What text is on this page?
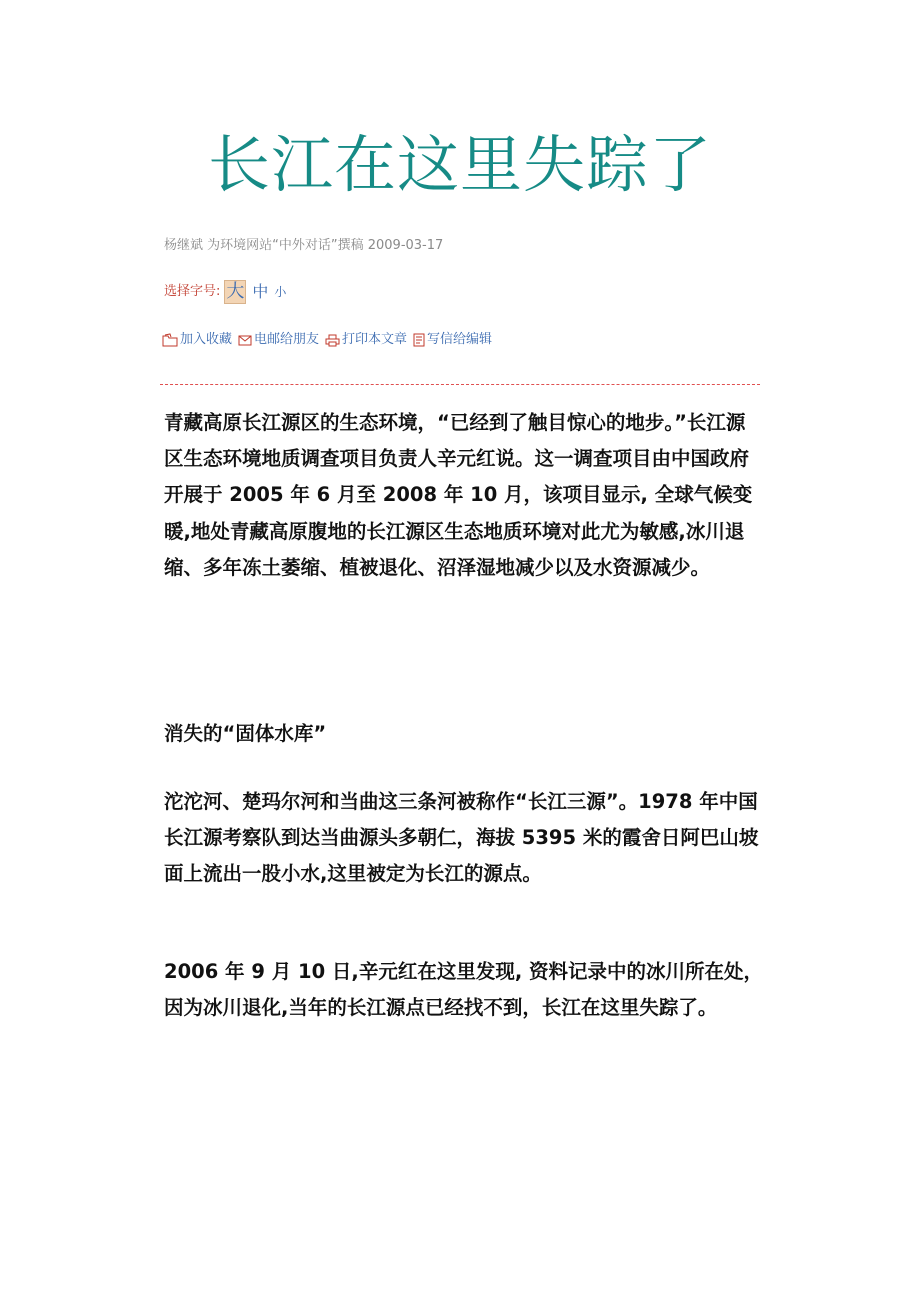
长江在这里失踪了
杨继斌 为环境网站“中外对话”撰稿 2009-03-17
选择字号: 大 中 小
加入收藏 电邮给朋友 打印本文章 写信给编辑
青藏高原长江源区的生态环境，“已经到了触目惊心的地步。”长江源区生态环境地质调查项目负责人辛元红说。这一调查项目由中国政府开展于 2005 年 6 月至 2008 年 10 月，该项目显示, 全球气候变暖,地处青藏高原腹地的长江源区生态地质环境对此尤为敏感,冰川退缩、多年冻土萎缩、植被退化、沼泽湿地减少以及水资源减少。
消失的“固体水库”
沱沱河、楚玛尔河和当曲这三条河被称作“长江三源”。1978 年中国长江源考察队到达当曲源头多朝仁，海拔 5395 米的霞舍日阿巴山坡面上流出一股小水,这里被定为长江的源点。
2006 年 9 月 10 日,辛元红在这里发现, 资料记录中的冰川所在处，因为冰川退化,当年的长江源点已经找不到，长江在这里失踪了。
